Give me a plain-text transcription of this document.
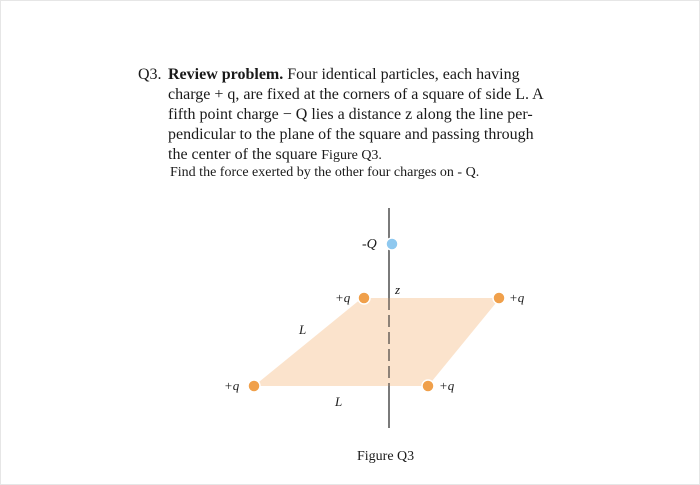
Q3. Review problem. Four identical particles, each having
charge + q, are fixed at the corners of a square of side L. A
fifth point charge − Q lies a distance z along the line per-
pendicular to the plane of the square and passing through
the center of the square Figure Q3.
Find the force exerted by the other four charges on - Q.
-Q
z
+q	+q
L
+q	+q
L
Figure Q3
